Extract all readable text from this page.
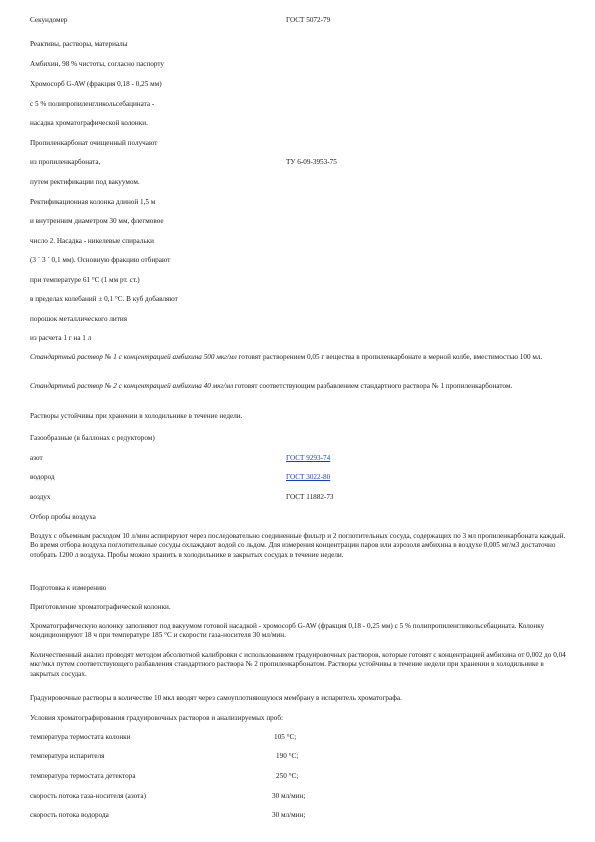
Секундомер	ГОСТ 5072-79
Реактивы, растворы, материалы
Амбихин, 98 % чистоты, согласно паспорту
Хромосорб G-AW (фракция 0,18 - 0,25 мм)
с 5 % полипропиленгликольсебацината -
насадка хроматографической колонки.
Пропиленкарбонат очищенный получают
из пропиленкарбоната,	ТУ 6-09-3953-75
путем ректификации под вакуумом.
Ректификационная колонка длиной 1,5 м
и внутренним диаметром 30 мм, флегмовое
число 2. Насадка - никелевые спиральки
(3 ´ 3 ´ 0,1 мм). Основную фракцию отбирают
при температуре 61 °С (1 мм рт. ст.)
в пределах колебаний ± 0,1 °С. В куб добавляют
порошок металлического лития
из расчета 1 г на 1 л
Стандартный раствор № 1 с концентрацией амбихина 500 мкг/мл готовят растворением 0,05 г вещества в пропиленкарбонате в мерной колбе, вместимостью 100 мл.
Стандартный раствор № 2 с концентрацией амбихина 40 мкг/мл готовят соответствующим разбавлением стандартного раствора № 1 пропиленкарбонатом.
Растворы устойчивы при хранении в холодильнике в течение недели.
Газообразные (в баллонах с редуктором)
азот	ГОСТ 9293-74
водород	ГОСТ 3022-80
воздух	ГОСТ 11882-73
Отбор пробы воздуха
Воздух с объемным расходом 10 л/мин аспирируют через последовательно соединенные фильтр и 2 поглотительных сосуда, содержащих по 3 мл пропиленкарбоната каждый. Во время отбора воздуха поглотительные сосуды охлаждают водой со льдом. Для измерения концентрации паров или аэрозоля амбихина в воздухе 0,005 мг/м3 достаточно отобрать 1200 л воздуха. Пробы можно хранить в холодильнике в закрытых сосудах в течение недели.
Подготовка к измерению
Приготовление хроматографической колонки.
Хроматографическую колонку заполняют под вакуумом готовой насадкой - хромосорб G-AW (фракция 0,18 - 0,25 мм) с 5 % полипропиленгликольсебацината. Колонку кондиционируют 18 ч при температуре 185 °С и скорости газа-носителя 30 мл/мин.
Количественный анализ проводят методом абсолютной калибровки с использованием градуировочных растворов, которые готовят с концентрацией амбихина от 0,002 до 0,04 мкг/мкл путем соответствующего разбавления стандартного раствора № 2 пропиленкарбонатом. Растворы устойчивы в течение недели при хранении в холодильнике в закрытых сосудах.
Градуировочные растворы в количестве 10 мкл вводят через самоуплотняющуюся мембрану в испаритель хроматографа.
Условия хроматографирования градуировочных растворов и анализируемых проб:
температура термостата колонки	105 °С;
температура испарителя	190 °С;
температура термостата детектора	250 °С;
скорость потока газа-носителя (азота)	30 мл/мин;
скорость потока водорода	30 мл/мин;
